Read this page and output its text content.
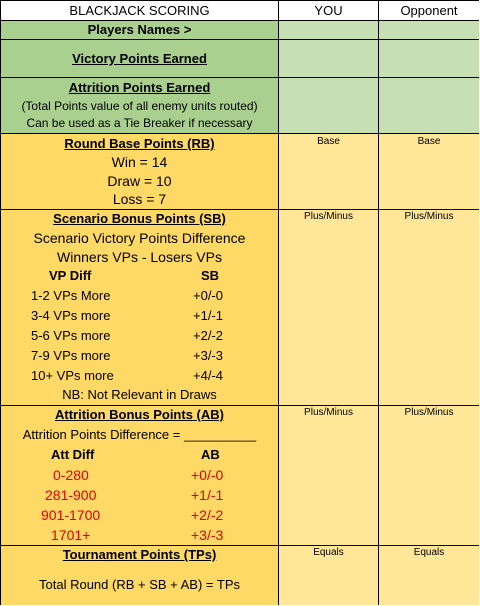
BLACKJACK SCORING	YOU	Opponent
Players Names >
Victory Points Earned
Attrition Points Earned
(Total Points value of all enemy units routed)
Can be used as a Tie Breaker if necessary
Round Base Points (RB)
Win = 14
Draw = 10
Loss = 7
Base	Base
Scenario Bonus Points (SB)
Scenario Victory Points Difference
Winners VPs - Losers VPs
VP Diff	SB
1-2 VPs More	+0/-0
3-4 VPs more	+1/-1
5-6 VPs more	+2/-2
7-9 VPs more	+3/-3
10+ VPs more	+4/-4
NB: Not Relevant in Draws
Plus/Minus	Plus/Minus
Attrition Bonus Points (AB)
Attrition Points Difference = __________
Att Diff	AB
0-280	+0/-0
281-900	+1/-1
901-1700	+2/-2
1701+	+3/-3
Plus/Minus	Plus/Minus
Tournament Points (TPs)
Total Round (RB + SB + AB) = TPs
Equals	Equals
